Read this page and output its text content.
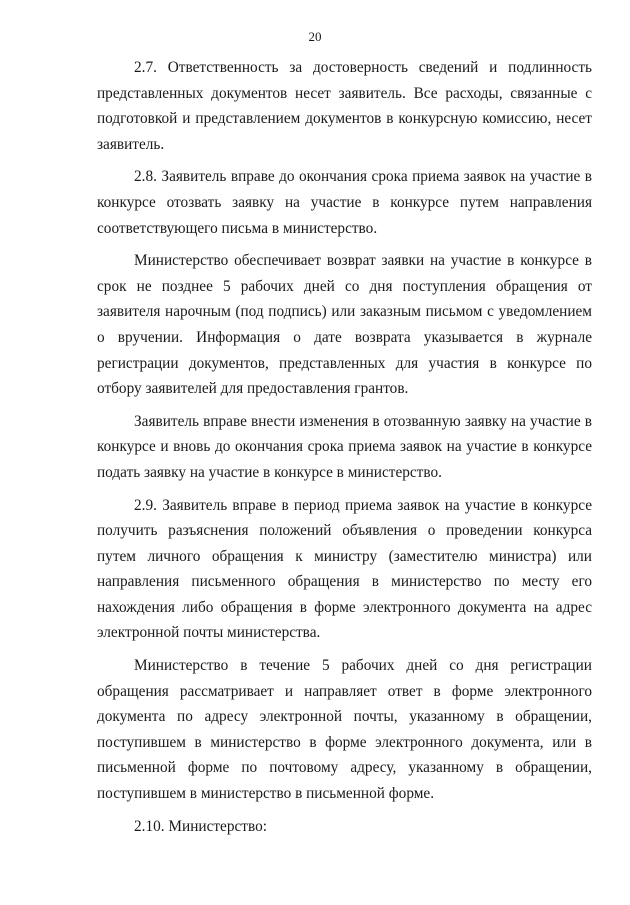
20

2.7. Ответственность за достоверность сведений и подлинность представленных документов несет заявитель. Все расходы, связанные с подготовкой и представлением документов в конкурсную комиссию, несет заявитель.

2.8. Заявитель вправе до окончания срока приема заявок на участие в конкурсе отозвать заявку на участие в конкурсе путем направления соответствующего письма в министерство.

Министерство обеспечивает возврат заявки на участие в конкурсе в срок не позднее 5 рабочих дней со дня поступления обращения от заявителя нарочным (под подпись) или заказным письмом с уведомлением о вручении. Информация о дате возврата указывается в журнале регистрации документов, представленных для участия в конкурсе по отбору заявителей для предоставления грантов.

Заявитель вправе внести изменения в отозванную заявку на участие в конкурсе и вновь до окончания срока приема заявок на участие в конкурсе подать заявку на участие в конкурсе в министерство.

2.9. Заявитель вправе в период приема заявок на участие в конкурсе получить разъяснения положений объявления о проведении конкурса путем личного обращения к министру (заместителю министра) или направления письменного обращения в министерство по месту его нахождения либо обращения в форме электронного документа на адрес электронной почты министерства.

Министерство в течение 5 рабочих дней со дня регистрации обращения рассматривает и направляет ответ в форме электронного документа по адресу электронной почты, указанному в обращении, поступившем в министерство в форме электронного документа, или в письменной форме по почтовому адресу, указанному в обращении, поступившем в министерство в письменной форме.

2.10. Министерство:
